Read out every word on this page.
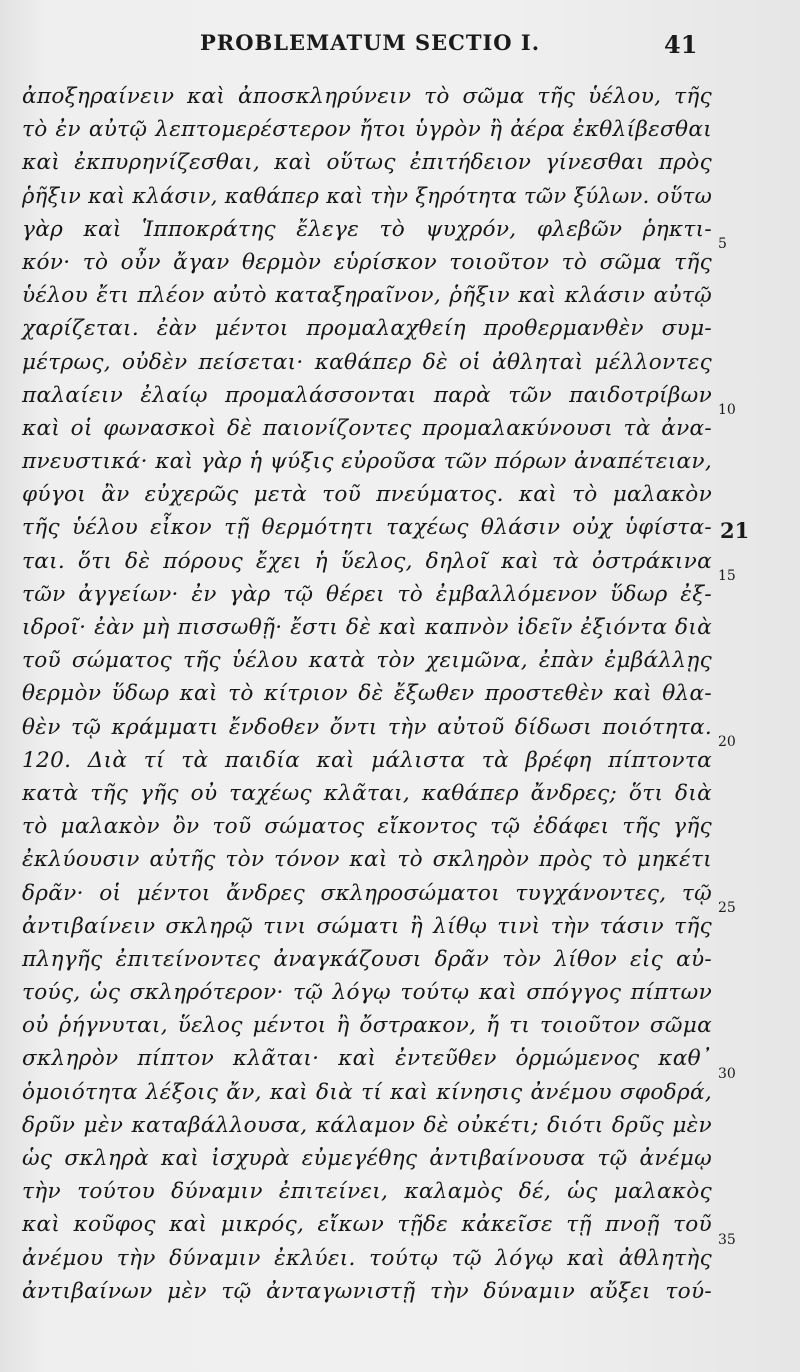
PROBLEMATUM SECTIO I.	41
ἀποξηραίνειν καὶ ἀποσκληρύνειν τὸ σῶμα τῆς ὑέλου, τῆς
τὸ ἐν αὐτῷ λεπτομερέστερον ἤτοι ὑγρὸν ἢ ἀέρα ἐκθλίβεσθαι
καὶ ἐκπυρηνίζεσθαι, καὶ οὕτως ἐπιτήδειον γίνεσθαι πρὸς
ῥῆξιν καὶ κλάσιν, καθάπερ καὶ τὴν ξηρότητα τῶν ξύλων. οὕτω
γὰρ καὶ Ἱπποκράτης ἔλεγε τὸ ψυχρόν, φλεβῶν ῥηκτι-
κόν· τὸ οὖν ἄγαν θερμὸν εὑρίσκον τοιοῦτον τὸ σῶμα τῆς
ὑέλου ἔτι πλέον αὐτὸ καταξηραῖνον, ῥῆξιν καὶ κλάσιν αὐτῷ
χαρίζεται. ἐὰν μέντοι προμαλαχθείη προθερμανθὲν συμ-
μέτρως, οὐδὲν πείσεται· καθάπερ δὲ οἱ ἀθληταὶ μέλλοντες
παλαίειν ἐλαίῳ προμαλάσσονται παρὰ τῶν παιδοτρίβων
καὶ οἱ φωνασκοὶ δὲ παιονίζοντες προμαλακύνουσι τὰ ἀνα-
πνευστικά· καὶ γὰρ ἡ ψύξις εὐροῦσα τῶν πόρων ἀναπέτειαν,
φύγοι ἂν εὐχερῶς μετὰ τοῦ πνεύματος. καὶ τὸ μαλακὸν
τῆς ὑέλου εἶκον τῇ θερμότητι ταχέως θλάσιν οὐχ ὑφίστα-
ται. ὅτι δὲ πόρους ἔχει ἡ ὕελος, δηλοῖ καὶ τὰ ὀστράκινα
τῶν ἀγγείων· ἐν γὰρ τῷ θέρει τὸ ἐμβαλλόμενον ὕδωρ ἐξ-
ιδροῖ· ἐὰν μὴ πισσωθῇ· ἔστι δὲ καὶ καπνὸν ἰδεῖν ἐξιόντα διὰ
τοῦ σώματος τῆς ὑέλου κατὰ τὸν χειμῶνα, ἐπὰν ἐμβάλλῃς
θερμὸν ὕδωρ καὶ τὸ κίτριον δὲ ἔξωθεν προστεθὲν καὶ θλα-
θὲν τῷ κράμματι ἔνδοθεν ὄντι τὴν αὐτοῦ δίδωσι ποιότητα.
120. Διὰ τί τὰ παιδία καὶ μάλιστα τὰ βρέφη πίπτοντα
κατὰ τῆς γῆς οὐ ταχέως κλᾶται, καθάπερ ἄνδρες; ὅτι διὰ
τὸ μαλακὸν ὂν τοῦ σώματος εἴκοντος τῷ ἐδάφει τῆς γῆς
ἐκλύουσιν αὐτῆς τὸν τόνον καὶ τὸ σκληρὸν πρὸς τὸ μηκέτι
δρᾶν· οἱ μέντοι ἄνδρες σκληροσώματοι τυγχάνοντες, τῷ
ἀντιβαίνειν σκληρῷ τινι σώματι ἢ λίθῳ τινὶ τὴν τάσιν τῆς
πληγῆς ἐπιτείνοντες ἀναγκάζουσι δρᾶν τὸν λίθον εἰς αὐ-
τούς, ὡς σκληρότερον· τῷ λόγῳ τούτῳ καὶ σπόγγος πίπτων
οὐ ῥήγνυται, ὕελος μέντοι ἢ ὄστρακον, ἤ τι τοιοῦτον σῶμα
σκληρὸν πίπτον κλᾶται· καὶ ἐντεῦθεν ὁρμώμενος καθ᾽
ὁμοιότητα λέξοις ἄν, καὶ διὰ τί καὶ κίνησις ἀνέμου σφοδρά,
δρῦν μὲν καταβάλλουσα, κάλαμον δὲ οὐκέτι; διότι δρῦς μὲν
ὡς σκληρὰ καὶ ἰσχυρὰ εὐμεγέθης ἀντιβαίνουσα τῷ ἀνέμῳ
τὴν τούτου δύναμιν ἐπιτείνει, καλαμὸς δέ, ὡς μαλακὸς
καὶ κοῦφος καὶ μικρός, εἴκων τῇδε κἀκεῖσε τῇ πνοῇ τοῦ
ἀνέμου τὴν δύναμιν ἐκλύει. τούτῳ τῷ λόγῳ καὶ ἀθλητὴς
ἀντιβαίνων μὲν τῷ ἀνταγωνιστῇ τὴν δύναμιν αὔξει τού-
5
10
15
20
25
30
35
21
